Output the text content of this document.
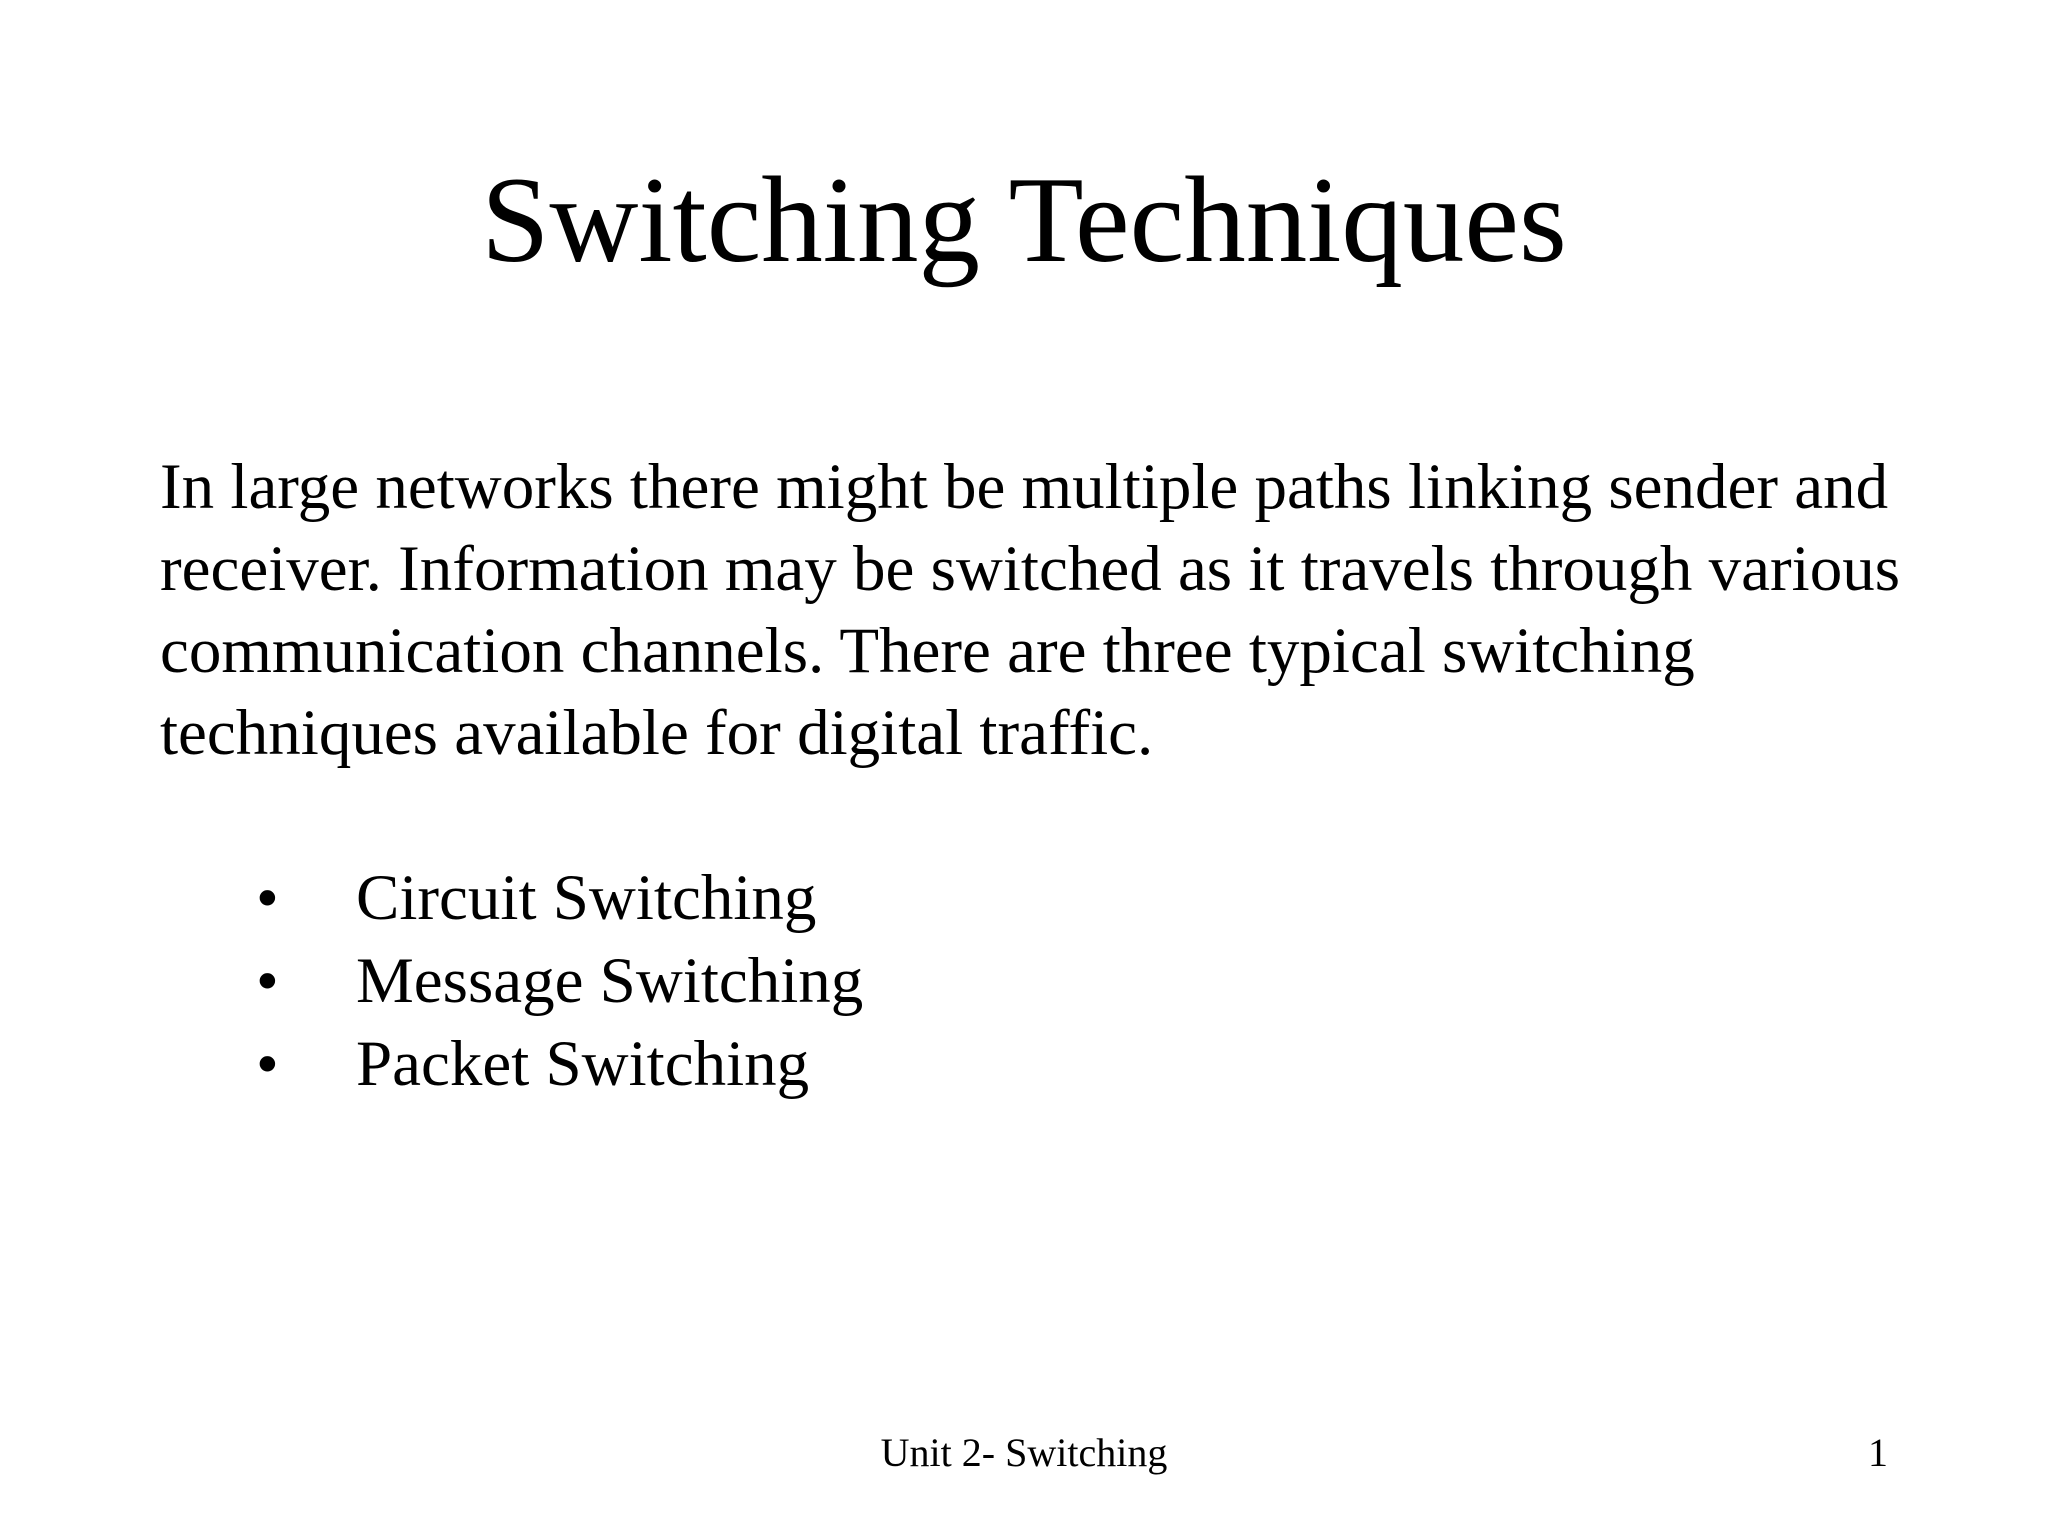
Switching Techniques

In large networks there might be multiple paths linking sender and receiver. Information may be switched as it travels through various communication channels. There are three typical switching techniques available for digital traffic.

•	Circuit Switching
•	Message Switching
•	Packet Switching
Unit 2- Switching	1
